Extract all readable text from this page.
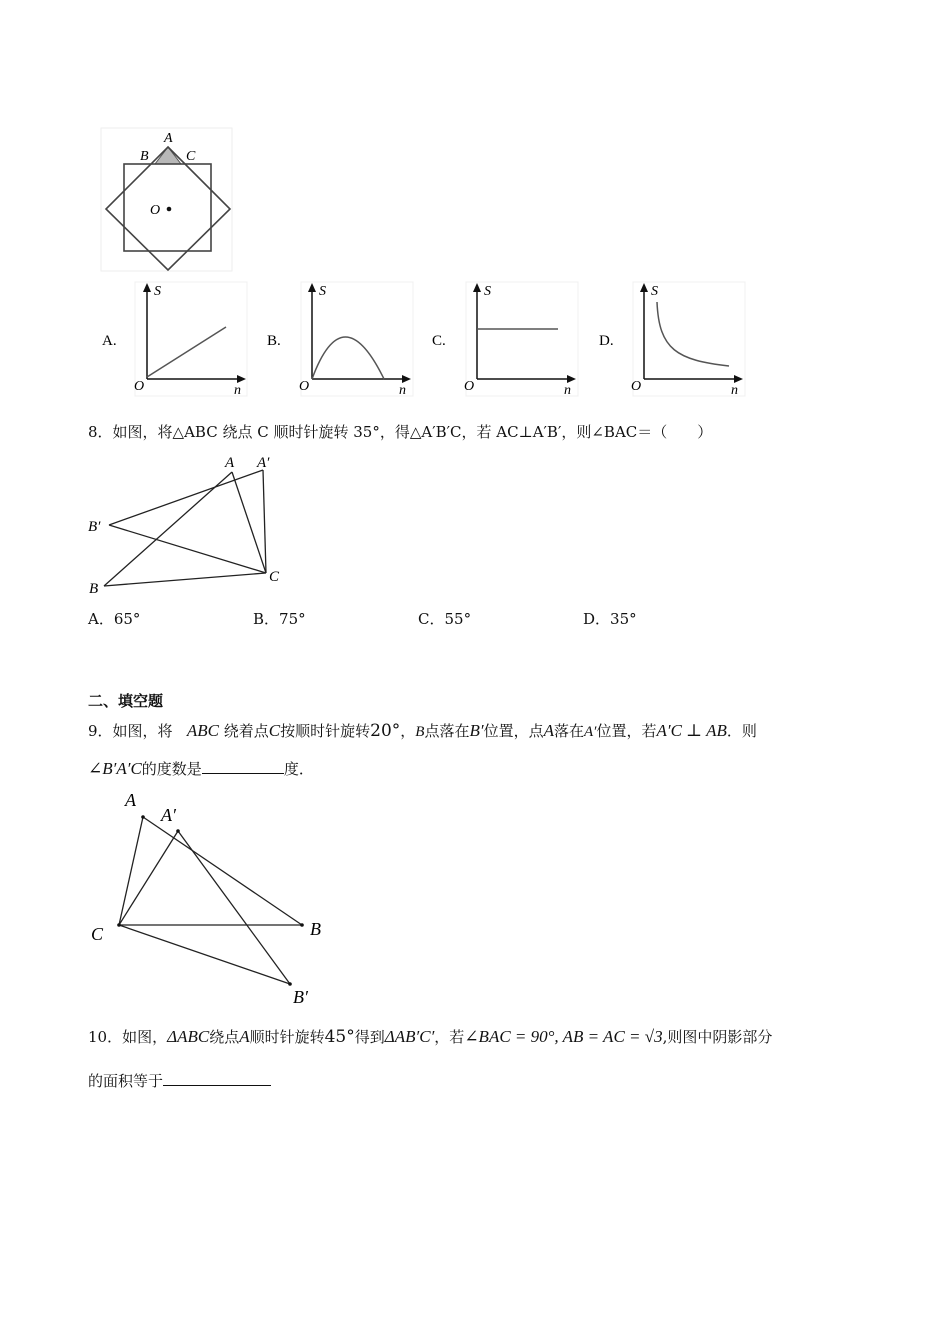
A
B	C
O
A.
S
O	n
B.
S
O	n
C.
S
O	n
D.
S
O	n
8．如图，将△ABC 绕点 C 顺时针旋转 35°，得△A′B′C，若 AC⊥A′B′，则∠BAC＝（　　）
A A′
B′
B
C
A．65°	B．75°	C．55°	D．35°
二、填空题
9．如图，将 ABC 绕着点C按顺时针旋转20°，B点落在B′位置，点A落在A′位置，若A′C ⊥ AB．则
∠B′A′C的度数是	度．
A
A′
C	B
B′
10．如图，ΔABC绕点A顺时针旋转45°得到ΔAB′C′，若∠BAC = 90°, AB = AC = √3,则图中阴影部分
的面积等于
